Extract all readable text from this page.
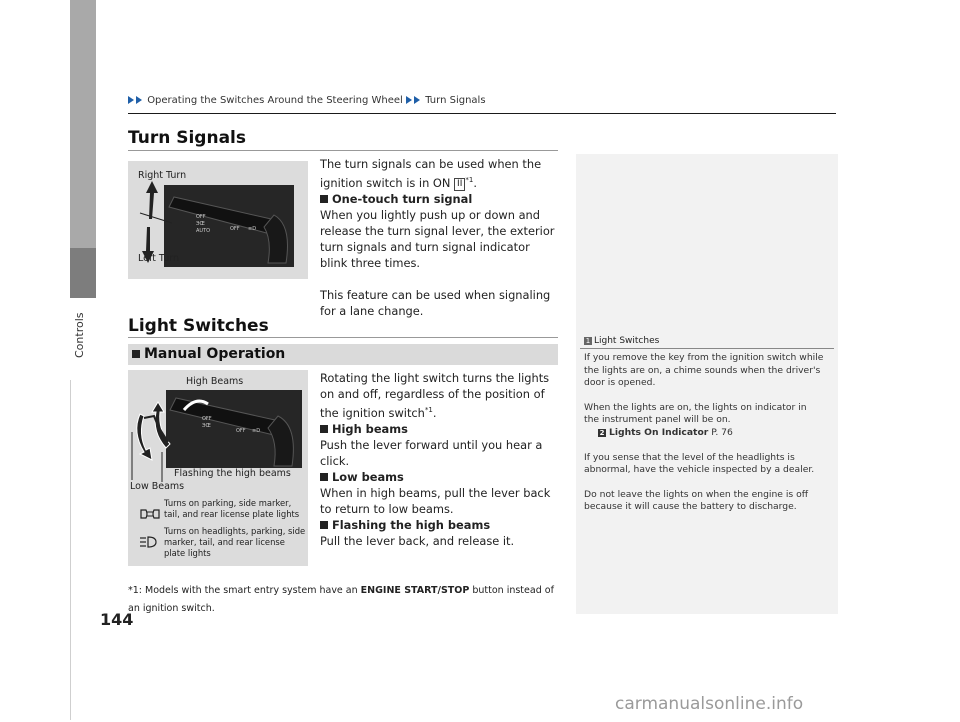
Controls
144
Operating the Switches Around the Steering Wheel Turn Signals
Turn Signals
OFF
ЭŒ
AUTO	OFF ≡D
Right Turn
Left Turn

The turn signals can be used when the ignition switch is in ON II $^{*1}$.

One-touch turn signal

When you lightly push up or down and release the turn signal lever, the exterior turn signals and turn signal indicator blink three times.

This feature can be used when signaling for a lane change.

Light Switches
Manual Operation
OFF
ЭŒ
OFF ≡D
High Beams
Flashing the high beams
Low Beams
Turns on parking, side marker, tail, and rear license plate lights
Turns on headlights, parking, side marker, tail, and rear license plate lights

Rotating the light switch turns the lights on and off, regardless of the position of the ignition switch$^{*1}$.

High beams

Push the lever forward until you hear a click.

Low beams

When in high beams, pull the lever back to return to low beams.

Flashing the high beams

Pull the lever back, and release it.

*1: Models with the smart entry system have an ENGINE START/STOP button instead of an ignition switch.
1 Light Switches

If you remove the key from the ignition switch while the lights are on, a chime sounds when the driver's door is opened.

When the lights are on, the lights on indicator in the instrument panel will be on.

2 Lights On Indicator P. 76

If you sense that the level of the headlights is abnormal, have the vehicle inspected by a dealer.

Do not leave the lights on when the engine is off because it will cause the battery to discharge.

carmanualsonline.info
